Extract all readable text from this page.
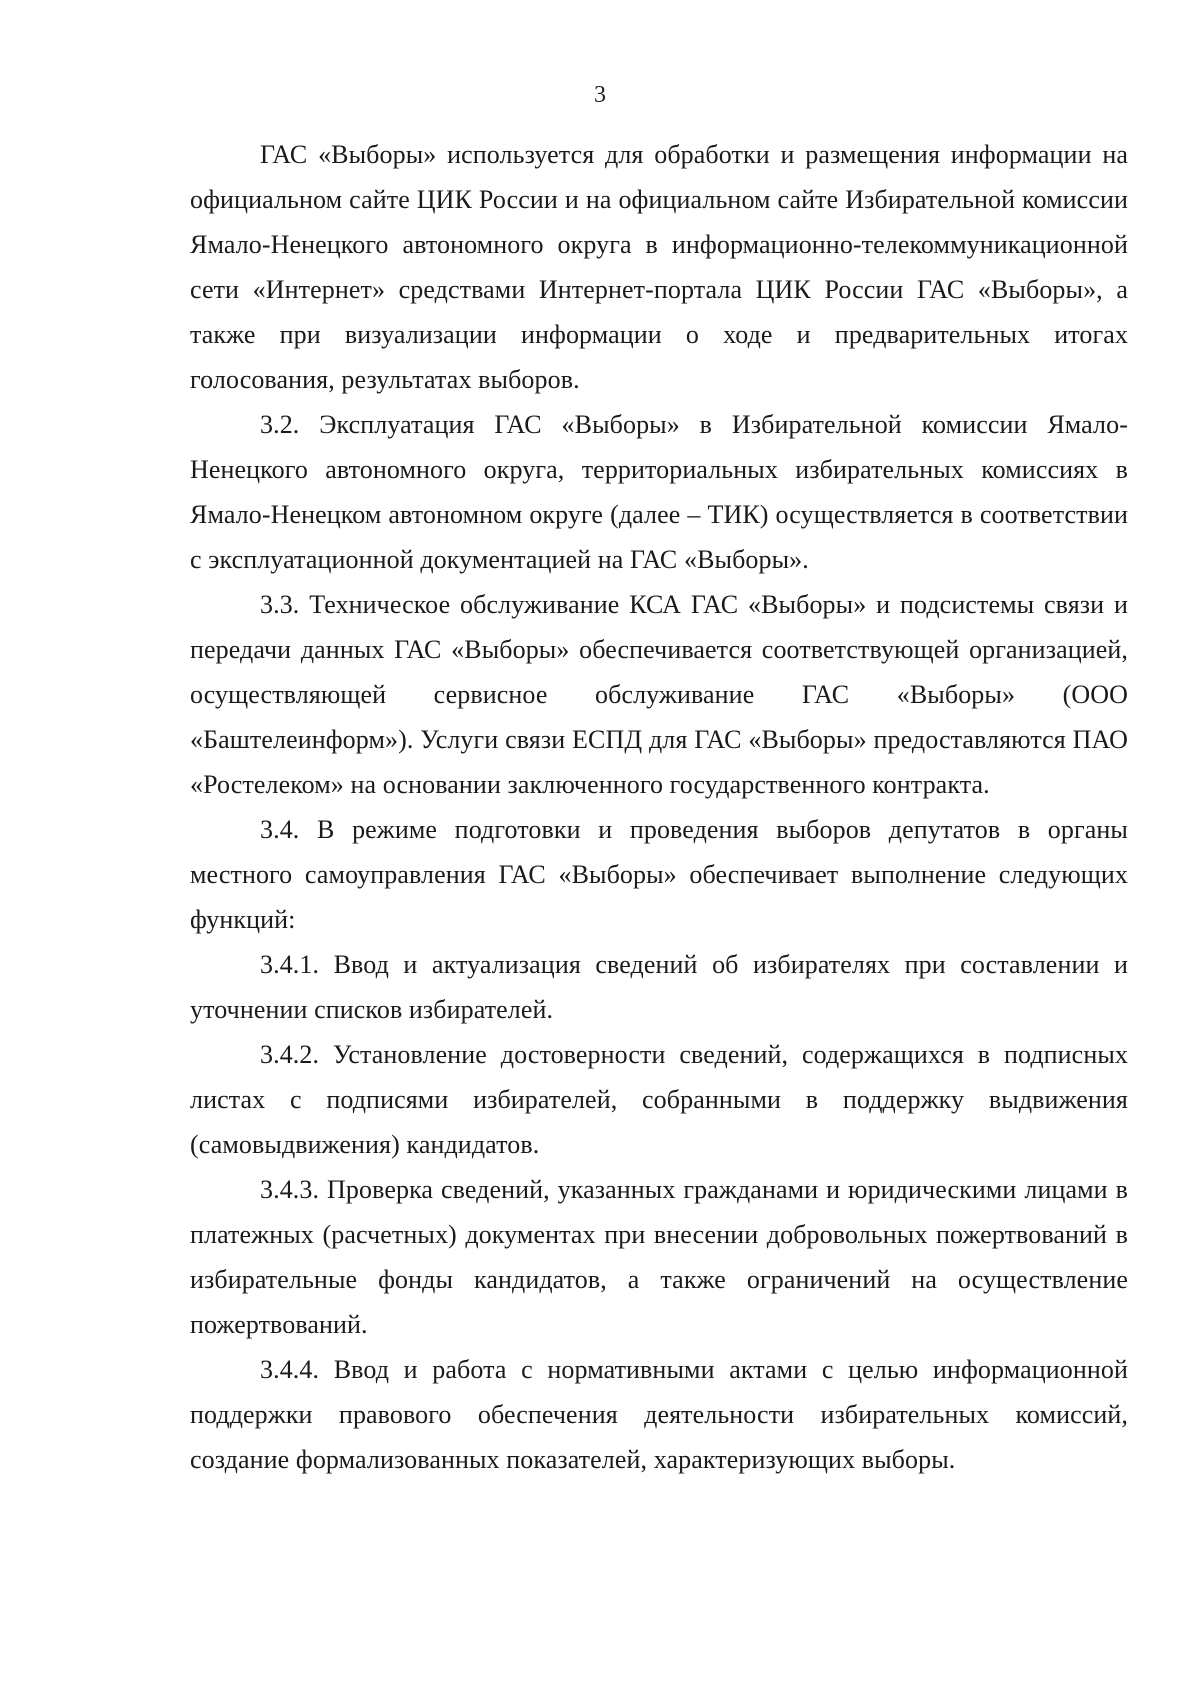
3

ГАС «Выборы» используется для обработки и размещения информации на официальном сайте ЦИК России и на официальном сайте Избирательной комиссии Ямало-Ненецкого автономного округа в информационно-телекоммуникационной сети «Интернет» средствами Интернет-портала ЦИК России ГАС «Выборы», а также при визуализации информации о ходе и предварительных итогах голосования, результатах выборов.

3.2. Эксплуатация ГАС «Выборы» в Избирательной комиссии Ямало-Ненецкого автономного округа, территориальных избирательных комиссиях в Ямало-Ненецком автономном округе (далее – ТИК) осуществляется в соответствии с эксплуатационной документацией на ГАС «Выборы».

3.3. Техническое обслуживание КСА ГАС «Выборы» и подсистемы связи и передачи данных ГАС «Выборы» обеспечивается соответствующей организацией, осуществляющей сервисное обслуживание ГАС «Выборы» (ООО «Баштелеинформ»). Услуги связи ЕСПД для ГАС «Выборы» предоставляются ПАО «Ростелеком» на основании заключенного государственного контракта.

3.4. В режиме подготовки и проведения выборов депутатов в органы местного самоуправления ГАС «Выборы» обеспечивает выполнение следующих функций:

3.4.1. Ввод и актуализация сведений об избирателях при составлении и уточнении списков избирателей.

3.4.2. Установление достоверности сведений, содержащихся в подписных листах с подписями избирателей, собранными в поддержку выдвижения (самовыдвижения) кандидатов.

3.4.3. Проверка сведений, указанных гражданами и юридическими лицами в платежных (расчетных) документах при внесении добровольных пожертвований в избирательные фонды кандидатов, а также ограничений на осуществление пожертвований.

3.4.4. Ввод и работа с нормативными актами с целью информационной поддержки правового обеспечения деятельности избирательных комиссий, создание формализованных показателей, характеризующих выборы.
